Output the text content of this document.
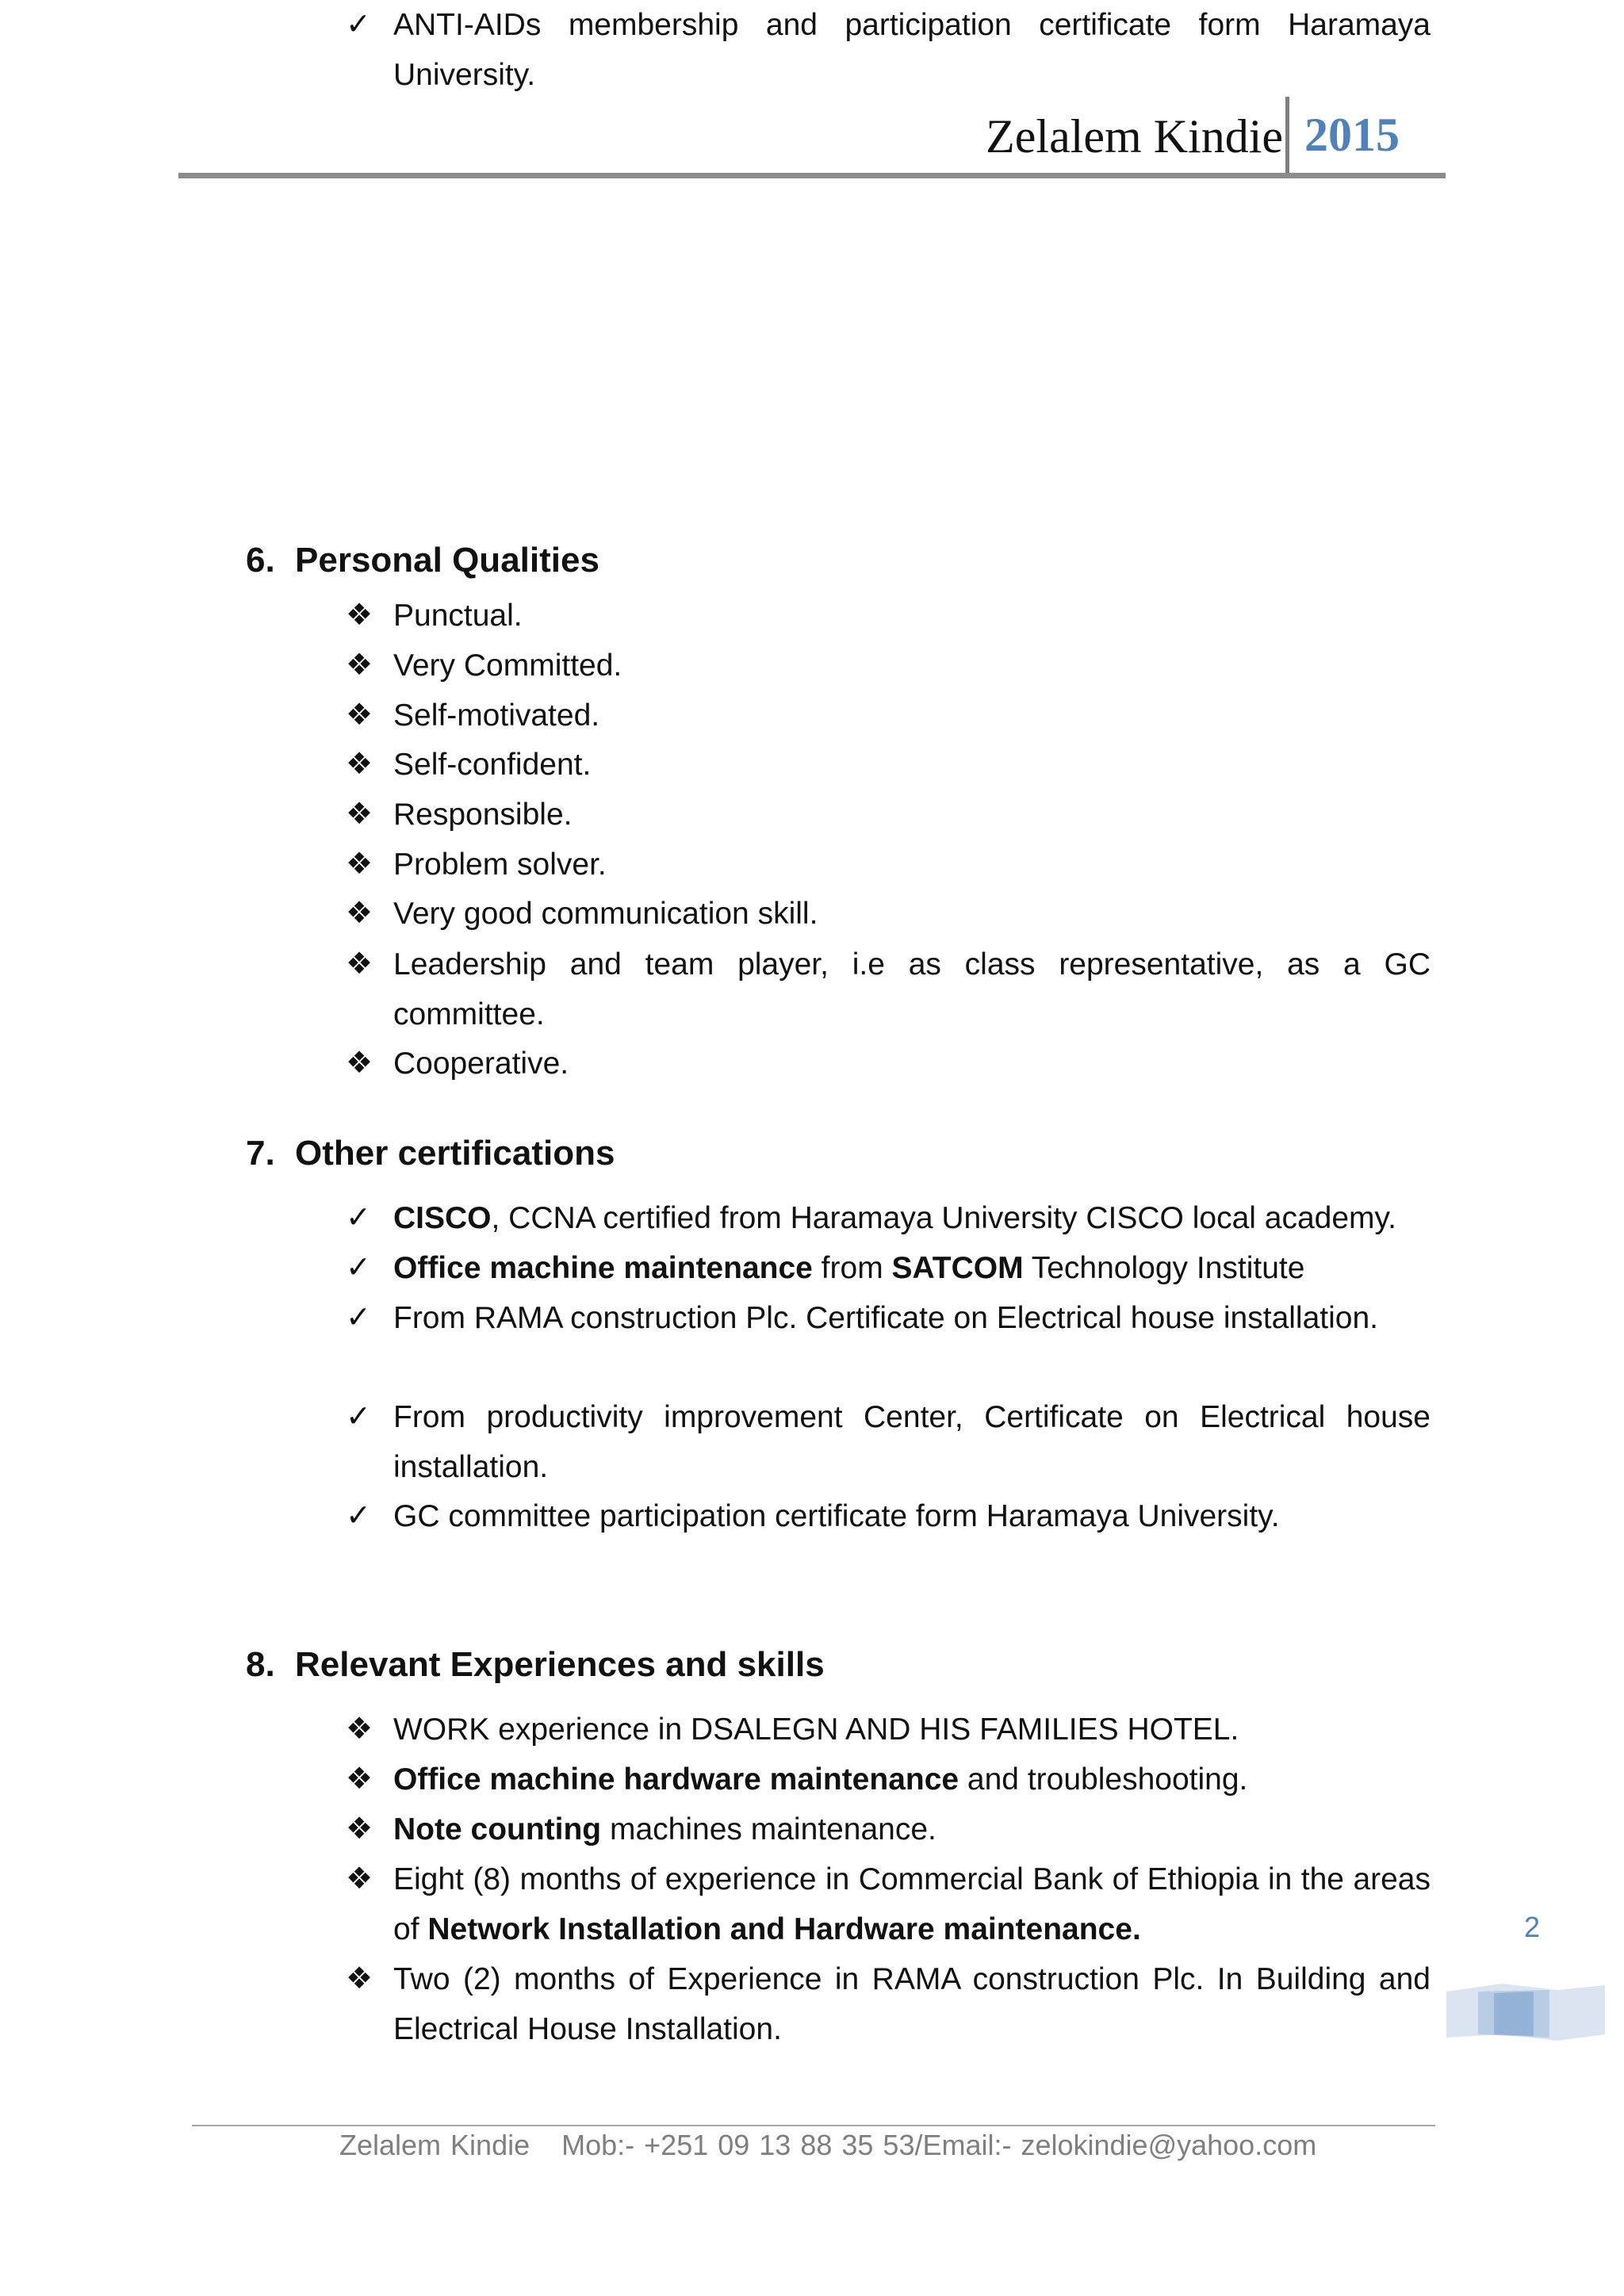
Zelalem Kindie 2015
6. Personal Qualities
❖ Punctual.
❖ Very Committed.
❖ Self-motivated.
❖ Self-confident.
❖ Responsible.
❖ Problem solver.
❖ Very good communication skill.
❖ Leadership and team player, i.e as class representative, as a GC committee.
❖ Cooperative.
7. Other certifications
✓ CISCO, CCNA certified from Haramaya University CISCO local academy.
✓ Office machine maintenance from SATCOM Technology Institute
✓ From RAMA construction Plc. Certificate on Electrical house installation.
✓ From productivity improvement Center, Certificate on Electrical house installation.
✓ GC committee participation certificate form Haramaya University.
✓ ANTI-AIDs membership and participation certificate form Haramaya University.
8. Relevant Experiences and skills
❖ WORK experience in DSALEGN AND HIS FAMILIES HOTEL.
❖ Office machine hardware maintenance and troubleshooting.
❖ Note counting machines maintenance.
❖ Eight (8) months of experience in Commercial Bank of Ethiopia in the areas of Network Installation and Hardware maintenance.
❖ Two (2) months of Experience in RAMA construction Plc. In Building and Electrical House Installation.
2
Zelalem Kindie Mob:- +251 09 13 88 35 53/Email:- zelokindie@yahoo.com
